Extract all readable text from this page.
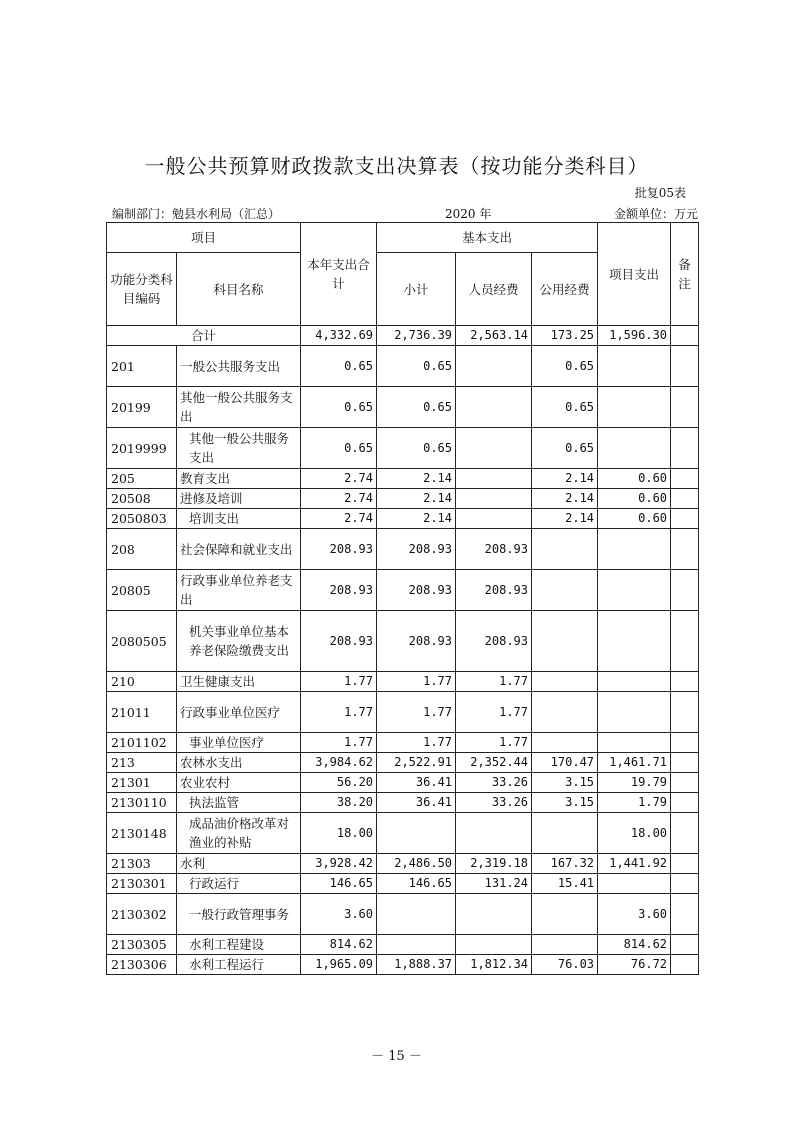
一般公共预算财政拨款支出决算表（按功能分类科目）
批复05表
编制部门：勉县水利局（汇总）	2020 年	金额单位：万元
项目		本年支出合计	基本支出			项目支出	备注
功能分类科目编码	科目名称		小计	人员经费	公用经费		
合计		4,332.69	2,736.39	2,563.14	173.25	1,596.30	
201	一般公共服务支出	0.65	0.65		0.65		
20199	其他一般公共服务支出	0.65	0.65		0.65		
2019999	其他一般公共服务支出	0.65	0.65		0.65		
205	教育支出	2.74	2.14		2.14	0.60	
20508	进修及培训	2.74	2.14		2.14	0.60	
2050803	培训支出	2.74	2.14		2.14	0.60	
208	社会保障和就业支出	208.93	208.93	208.93			
20805	行政事业单位养老支出	208.93	208.93	208.93			
2080505	机关事业单位基本养老保险缴费支出	208.93	208.93	208.93			
210	卫生健康支出	1.77	1.77	1.77			
21011	行政事业单位医疗	1.77	1.77	1.77			
2101102	事业单位医疗	1.77	1.77	1.77			
213	农林水支出	3,984.62	2,522.91	2,352.44	170.47	1,461.71	
21301	农业农村	56.20	36.41	33.26	3.15	19.79	
2130110	执法监管	38.20	36.41	33.26	3.15	1.79	
2130148	成品油价格改革对渔业的补贴	18.00				18.00	
21303	水利	3,928.42	2,486.50	2,319.18	167.32	1,441.92	
2130301	行政运行	146.65	146.65	131.24	15.41		
2130302	一般行政管理事务	3.60				3.60	
2130305	水利工程建设	814.62				814.62	
2130306	水利工程运行	1,965.09	1,888.37	1,812.34	76.03	76.72	
－ 15 －
